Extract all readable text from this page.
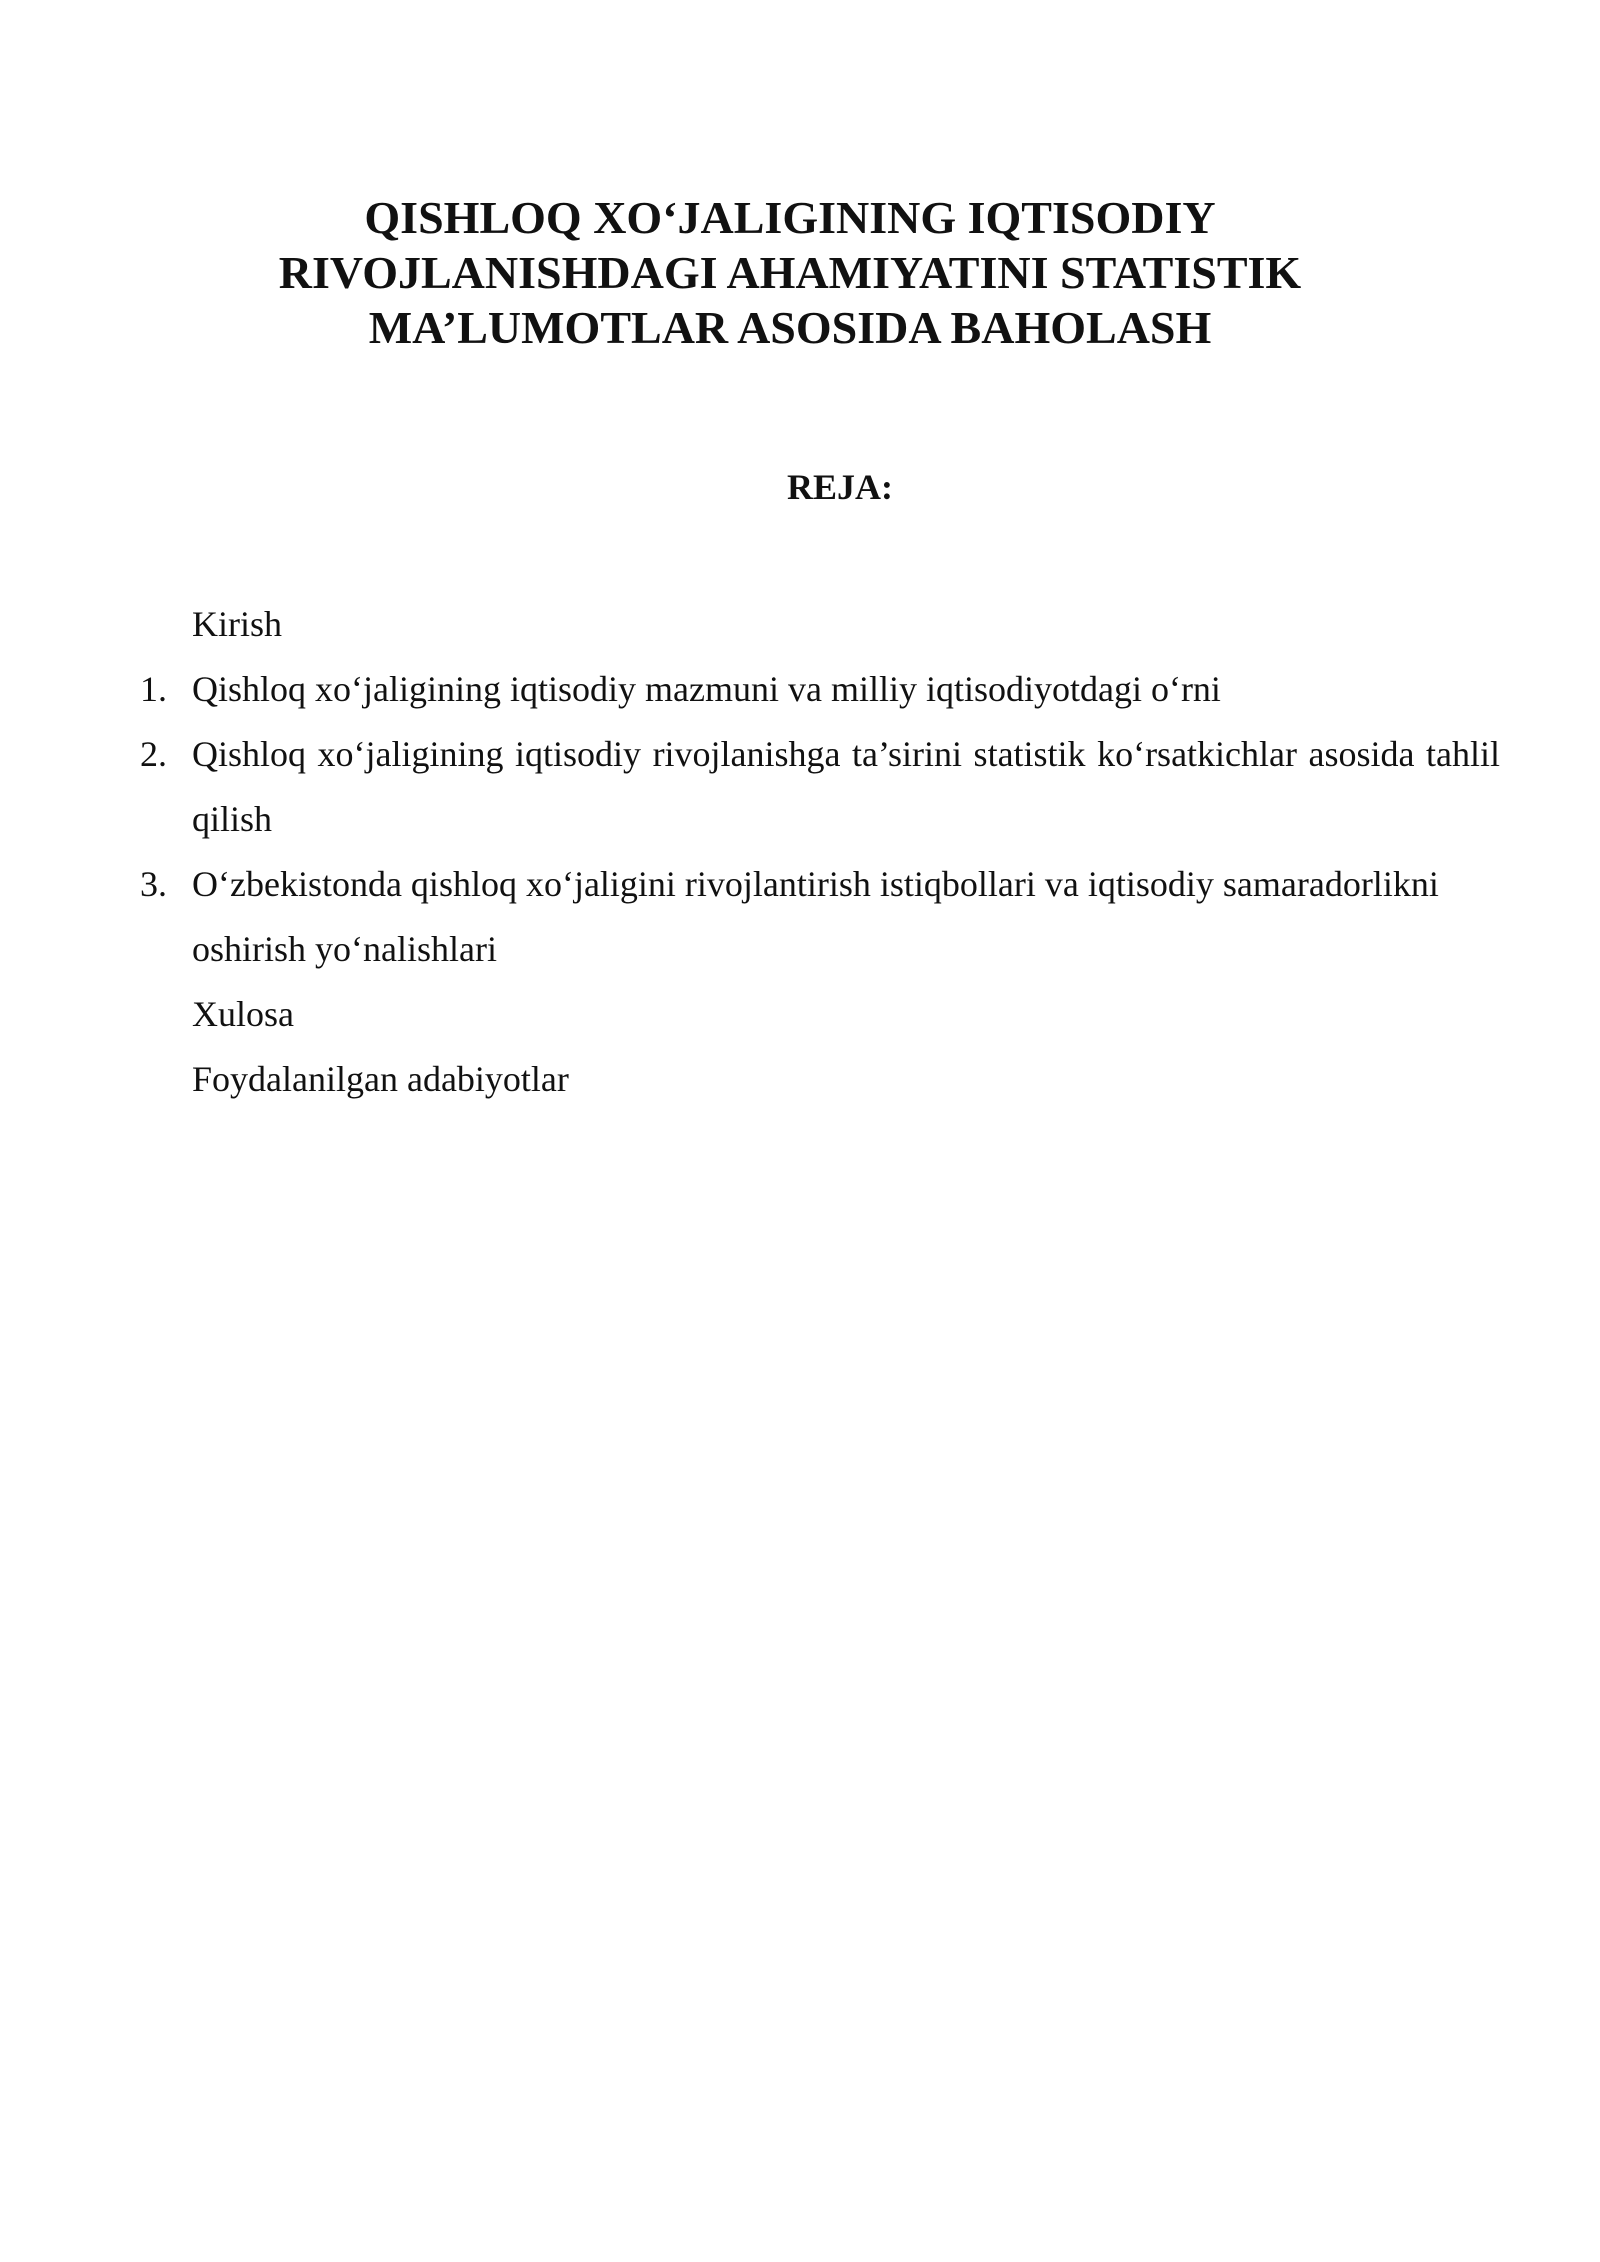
QISHLOQ XO‘JALIGINING IQTISODIY
RIVOJLANISHDAGI AHAMIYATINI STATISTIK
MA’LUMOTLAR ASOSIDA BAHOLASH
REJA:
Kirish
1. Qishloq xo‘jaligining iqtisodiy mazmuni va milliy iqtisodiyotdagi o‘rni
2. Qishloq xo‘jaligining iqtisodiy rivojlanishga ta’sirini statistik ko‘rsatkichlar asosida tahlil qilish
3. O‘zbekistonda qishloq xo‘jaligini rivojlantirish istiqbollari va iqtisodiy samaradorlikni oshirish yo‘nalishlari
Xulosa
Foydalanilgan adabiyotlar
